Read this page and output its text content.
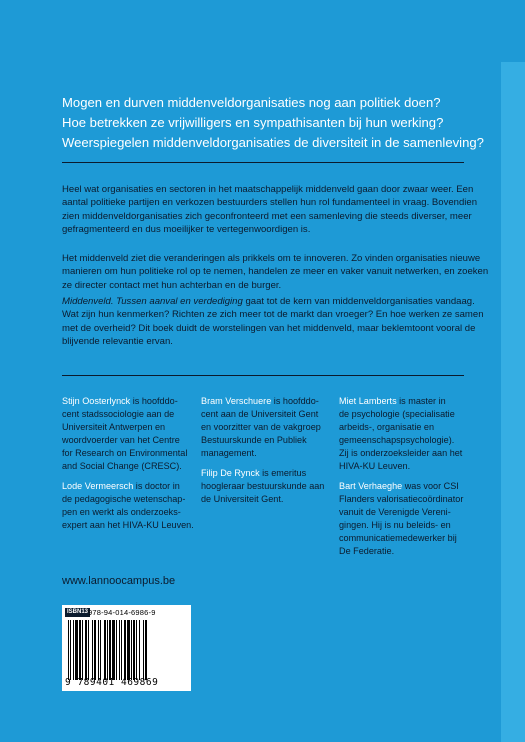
Mogen en durven middenveldorganisaties nog aan politiek doen?
Hoe betrekken ze vrijwilligers en sympathisanten bij hun werking?
Weerspiegelen middenveldorganisaties de diversiteit in de samenleving?
Heel wat organisaties en sectoren in het maatschappelijk middenveld gaan door zwaar weer. Een
aantal politieke partijen en verkozen bestuurders stellen hun rol fundamenteel in vraag. Bovendien
zien middenveldorganisaties zich geconfronteerd met een samenleving die steeds diverser, meer
gefragmenteerd en dus moeilijker te vertegenwoordigen is.
Het middenveld ziet die veranderingen als prikkels om te innoveren. Zo vinden organisaties nieuwe
manieren om hun politieke rol op te nemen, handelen ze meer en vaker vanuit netwerken, en zoeken
ze directer contact met hun achterban en de burger.
Middenveld. Tussen aanval en verdediging gaat tot de kern van middenveldorganisaties vandaag.
Wat zijn hun kenmerken? Richten ze zich meer tot de markt dan vroeger? En hoe werken ze samen
met de overheid? Dit boek duidt de worstelingen van het middenveld, maar beklemtoont vooral de
blijvende relevantie ervan.
Stijn Oosterlynck is hoofddo-
cent stadssociologie aan de
Universiteit Antwerpen en
woordvoerder van het Centre
for Research on Environmental
and Social Change (CRESC).
Lode Vermeersch is doctor in
de pedagogische wetenschap-
pen en werkt als onderzoeks-
expert aan het HIVA-KU Leuven.
Bram Verschuere is hoofddo-
cent aan de Universiteit Gent
en voorzitter van de vakgroep
Bestuurskunde en Publiek
management.
Filip De Rynck is emeritus
hoogleraar bestuurskunde aan
de Universiteit Gent.
Miet Lamberts is master in
de psychologie (specialisatie
arbeids-, organisatie en
gemeenschapspsychologie).
Zij is onderzoeksleider aan het
HIVA-KU Leuven.
Bart Verhaeghe was voor CSI
Flanders valorisatiecoördinator
vanuit de Verenigde Vereni-
gingen. Hij is nu beleids- en
communicatiemedewerker bij
De Federatie.
www.lannoocampus.be
ISBN13 978-94-014-6986-9
9 789401 469869
